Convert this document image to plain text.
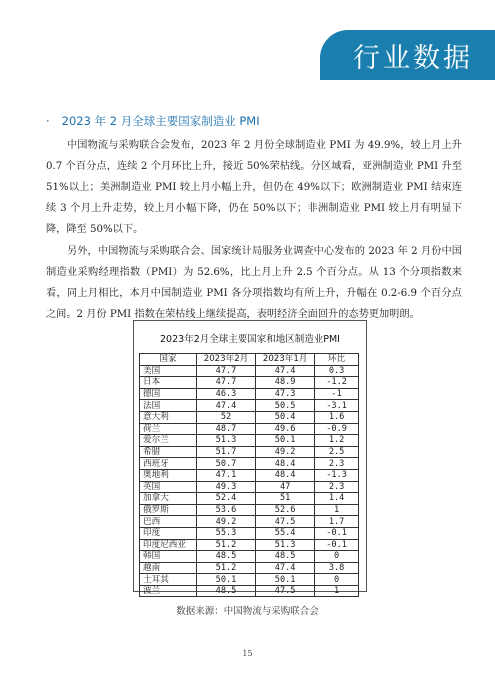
行业数据
· 2023 年 2 月全球主要国家制造业 PMI

中国物流与采购联合会发布，2023 年 2 月份全球制造业 PMI 为 49.9%，较上月上升 0.7 个百分点，连续 2 个月环比上升，接近 50%荣枯线。分区域看，亚洲制造业 PMI 升至 51%以上；美洲制造业 PMI 较上月小幅上升，但仍在 49%以下；欧洲制造业 PMI 结束连续 3 个月上升走势，较上月小幅下降，仍在 50%以下；非洲制造业 PMI 较上月有明显下降，降至 50%以下。

另外，中国物流与采购联合会、国家统计局服务业调查中心发布的 2023 年 2 月份中国制造业采购经理指数（PMI）为 52.6%，比上月上升 2.5 个百分点。从 13 个分项指数来看，同上月相比，本月中国制造业 PMI 各分项指数均有所上升，升幅在 0.2-6.9 个百分点之间。2 月份 PMI 指数在荣枯线上继续提高，表明经济全面回升的态势更加明朗。

2023年2月全球主要国家和地区制造业PMI
国家	2023年2月	2023年1月	环比
美国	47.7	47.4	0.3
日本	47.7	48.9	-1.2
德国	46.3	47.3	-1
法国	47.4	50.5	-3.1
意大利	52	50.4	1.6
荷兰	48.7	49.6	-0.9
爱尔兰	51.3	50.1	1.2
希腊	51.7	49.2	2.5
西班牙	50.7	48.4	2.3
奥地利	47.1	48.4	-1.3
英国	49.3	47	2.3
加拿大	52.4	51	1.4
俄罗斯	53.6	52.6	1
巴西	49.2	47.5	1.7
印度	55.3	55.4	-0.1
印度尼西亚	51.2	51.3	-0.1
韩国	48.5	48.5	0
越南	51.2	47.4	3.8
土耳其	50.1	50.1	0
波兰	48.5	47.5	1
数据来源：中国物流与采购联合会
15
